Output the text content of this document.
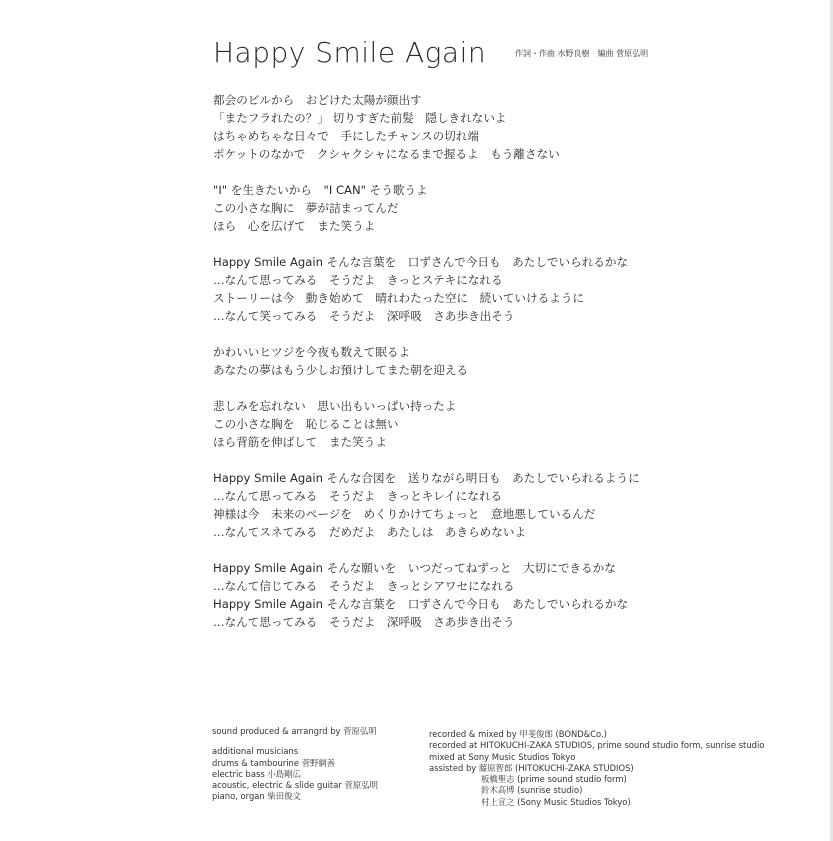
Happy Smile Again	作詞・作曲 水野良樹　編曲 菅原弘明
都会のビルから　おどけた太陽が顔出す
「またフラれたの？」 切りすぎた前髪　隠しきれないよ
はちゃめちゃな日々で　手にしたチャンスの切れ端
ポケットのなかで　クシャクシャになるまで握るよ　もう離さない
"I" を生きたいから　"I CAN" そう歌うよ
この小さな胸に　夢が詰まってんだ
ほら　心を広げて　また笑うよ
Happy Smile Again そんな言葉を　口ずさんで今日も　あたしでいられるかな
…なんて思ってみる　そうだよ　きっとステキになれる
ストーリーは今　動き始めて　晴れわたった空に　続いていけるように
…なんて笑ってみる　そうだよ　深呼吸　さあ歩き出そう
かわいいヒツジを今夜も数えて眠るよ
あなたの夢はもう少しお預けしてまた朝を迎える
悲しみを忘れない　思い出もいっぱい持ったよ
この小さな胸を　恥じることは無い
ほら背筋を伸ばして　また笑うよ
Happy Smile Again そんな合図を　送りながら明日も　あたしでいられるように
…なんて思ってみる　そうだよ　きっとキレイになれる
神様は今　未来のページを　めくりかけてちょっと　意地悪しているんだ
…なんてスネてみる　だめだよ　あたしは　あきらめないよ
Happy Smile Again そんな願いを　いつだってねずっと　大切にできるかな
…なんて信じてみる　そうだよ　きっとシアワセになれる
Happy Smile Again そんな言葉を　口ずさんで今日も　あたしでいられるかな
…なんて思ってみる　そうだよ　深呼吸　さあ歩き出そう
sound produced & arrangrd by 菅原弘明
additional musicians
drums & tambourine 菅野網善
electric bass 小島剛広
acoustic, electric & slide guitar 菅原弘明
piano, organ 柴田俊文
recorded & mixed by 甲斐俊郎 (BOND&Co.)
recorded at HITOKUCHI-ZAKA STUDIOS, prime sound studio form, sunrise studio
mixed at Sony Music Studios Tokyo
assisted by 藤原智郎 (HITOKUCHI-ZAKA STUDIOS)
板橋聖志 (prime sound studio form)
鈴木高博 (sunrise studio)
村上宣之 (Sony Music Studios Tokyo)
